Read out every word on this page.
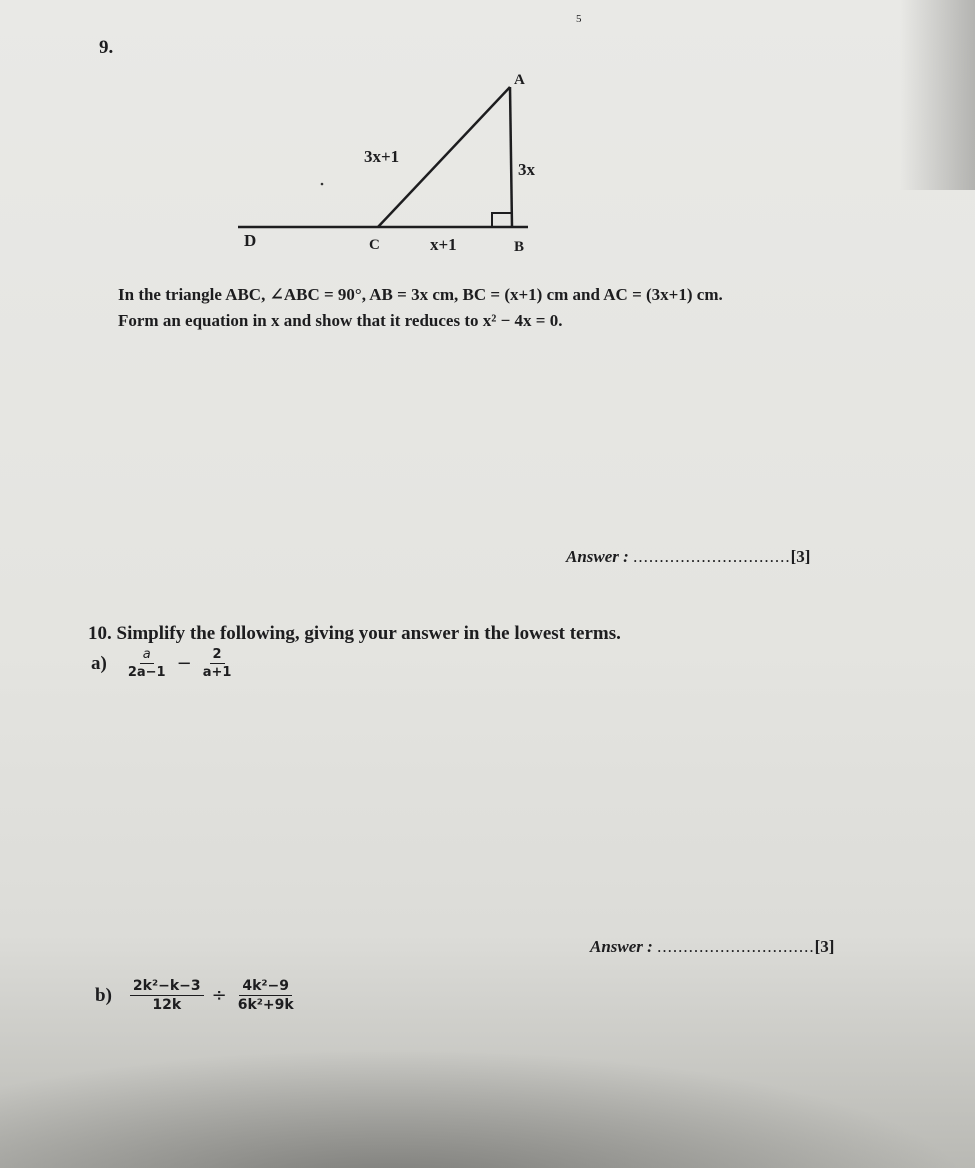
5
9.
A
3x+1
3x
D	C	x+1	B
In the triangle ABC, ∠ABC = 90°, AB = 3x cm, BC = (x+1) cm and AC = (3x+1) cm.
Form an equation in x and show that it reduces to x² − 4x = 0.
Answer : ..............................[3]
10. Simplify the following, giving your answer in the lowest terms.
$a) \frac{a}{2a-1} - \frac{2}{a+1}$
Answer : ..............................[3]
$b) \frac{\text{2k²−k−3}}{12k} \div \frac{\text{4k²−9}}{\text{6k²+9k}}$
